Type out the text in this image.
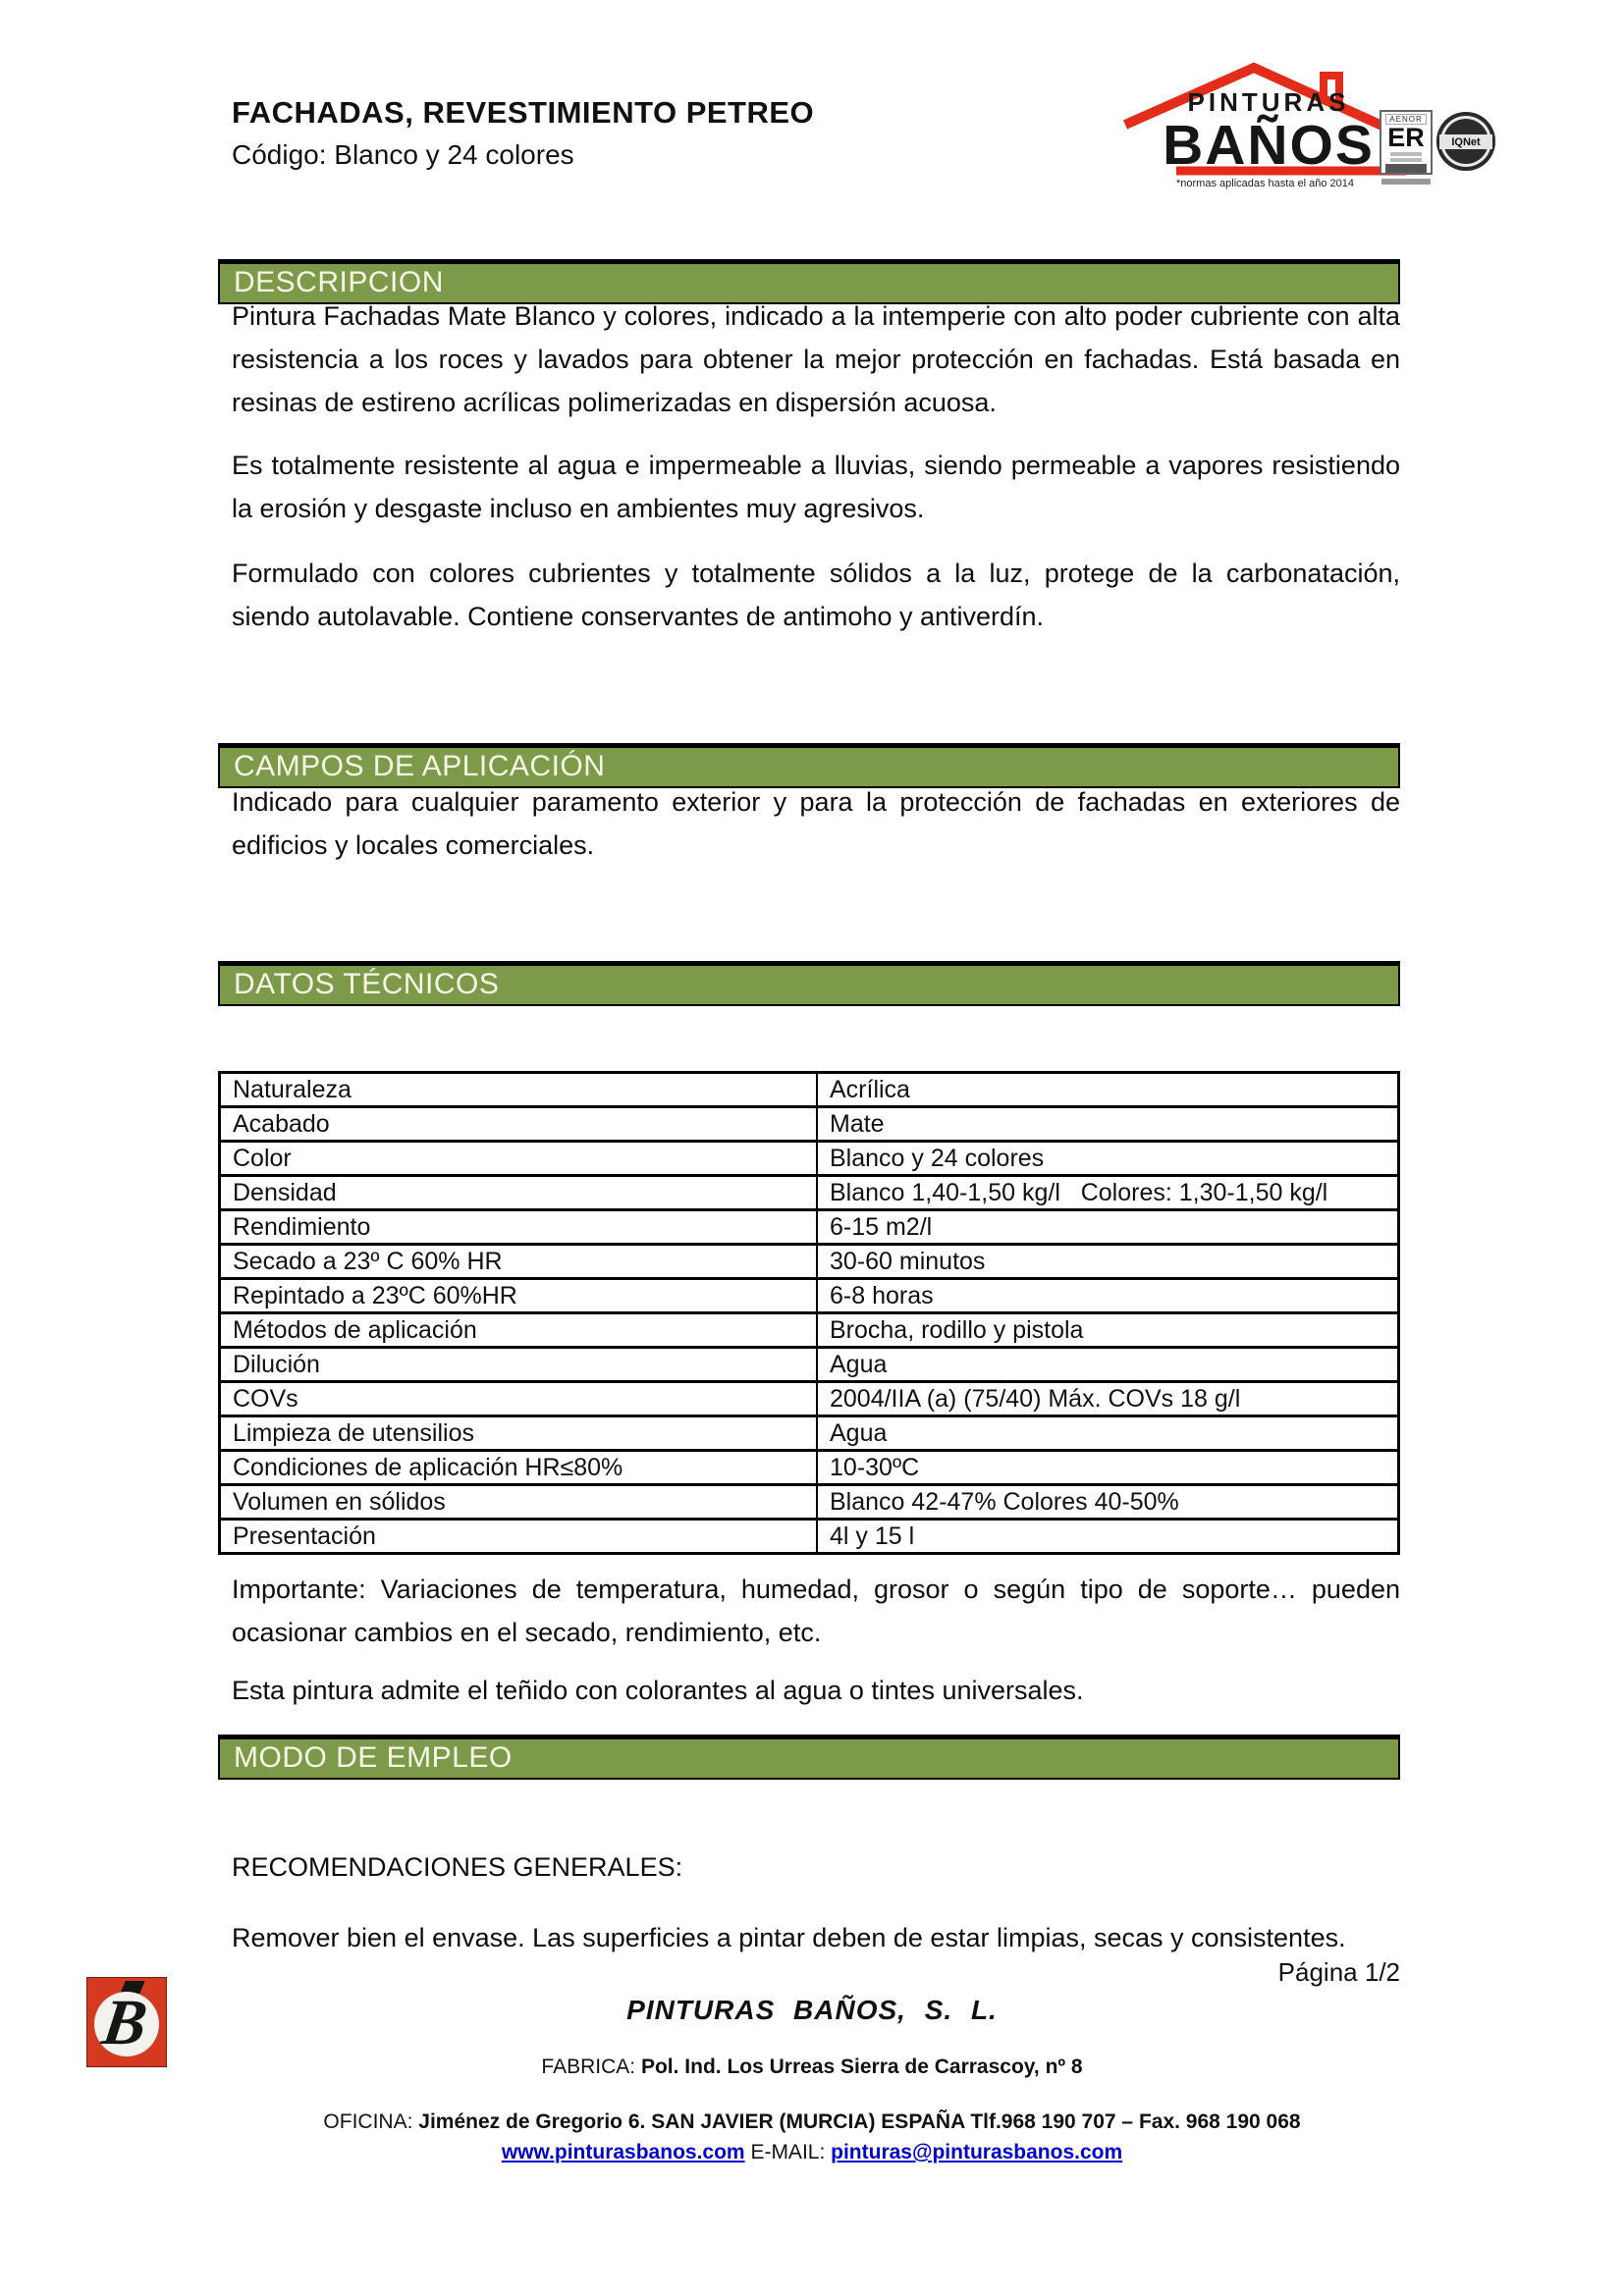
FACHADAS, REVESTIMIENTO PETREO
Código: Blanco y 24 colores
PINTURAS
BAÑOS
*normas aplicadas hasta el año 2014
AENOR
ER	IQNet
DESCRIPCION
Pintura Fachadas Mate Blanco y colores, indicado a la intemperie con alto poder cubriente con alta resistencia a los roces y lavados para obtener la mejor protección en fachadas. Está basada en resinas de estireno acrílicas polimerizadas en dispersión acuosa.
Es totalmente resistente al agua e impermeable a lluvias, siendo permeable a vapores resistiendo la erosión y desgaste incluso en ambientes muy agresivos.
Formulado con colores cubrientes y totalmente sólidos a la luz, protege de la carbonatación, siendo autolavable. Contiene conservantes de antimoho y antiverdín.
CAMPOS DE APLICACIÓN
Indicado para cualquier paramento exterior y para la protección de fachadas en exteriores de edificios y locales comerciales.
DATOS TÉCNICOS
Naturaleza	Acrílica
Acabado	Mate
Color	Blanco y 24 colores
Densidad	Blanco 1,40-1,50 kg/l   Colores: 1,30-1,50 kg/l
Rendimiento	6-15 m2/l
Secado a 23º C 60% HR	30-60 minutos
Repintado a 23ºC 60%HR	6-8 horas
Métodos de aplicación	Brocha, rodillo y pistola
Dilución	Agua
COVs	2004/IIA (a) (75/40) Máx. COVs 18 g/l
Limpieza de utensilios	Agua
Condiciones de aplicación HR≤80%	10-30ºC
Volumen en sólidos	Blanco 42-47% Colores 40-50%
Presentación	4l y 15 l
Importante: Variaciones de temperatura, humedad, grosor o según tipo de soporte… pueden ocasionar cambios en el secado, rendimiento, etc.
Esta pintura admite el teñido con colorantes al agua o tintes universales.
MODO DE EMPLEO
RECOMENDACIONES GENERALES:
Remover bien el envase. Las superficies a pintar deben de estar limpias, secas y consistentes.
Página 1/2
B	PINTURAS BAÑOS, S. L.
FABRICA: Pol. Ind. Los Urreas Sierra de Carrascoy, nº 8
OFICINA: Jiménez de Gregorio 6. SAN JAVIER (MURCIA) ESPAÑA Tlf.968 190 707 – Fax. 968 190 068
www.pinturasbanos.com E-MAIL: pinturas@pinturasbanos.com
